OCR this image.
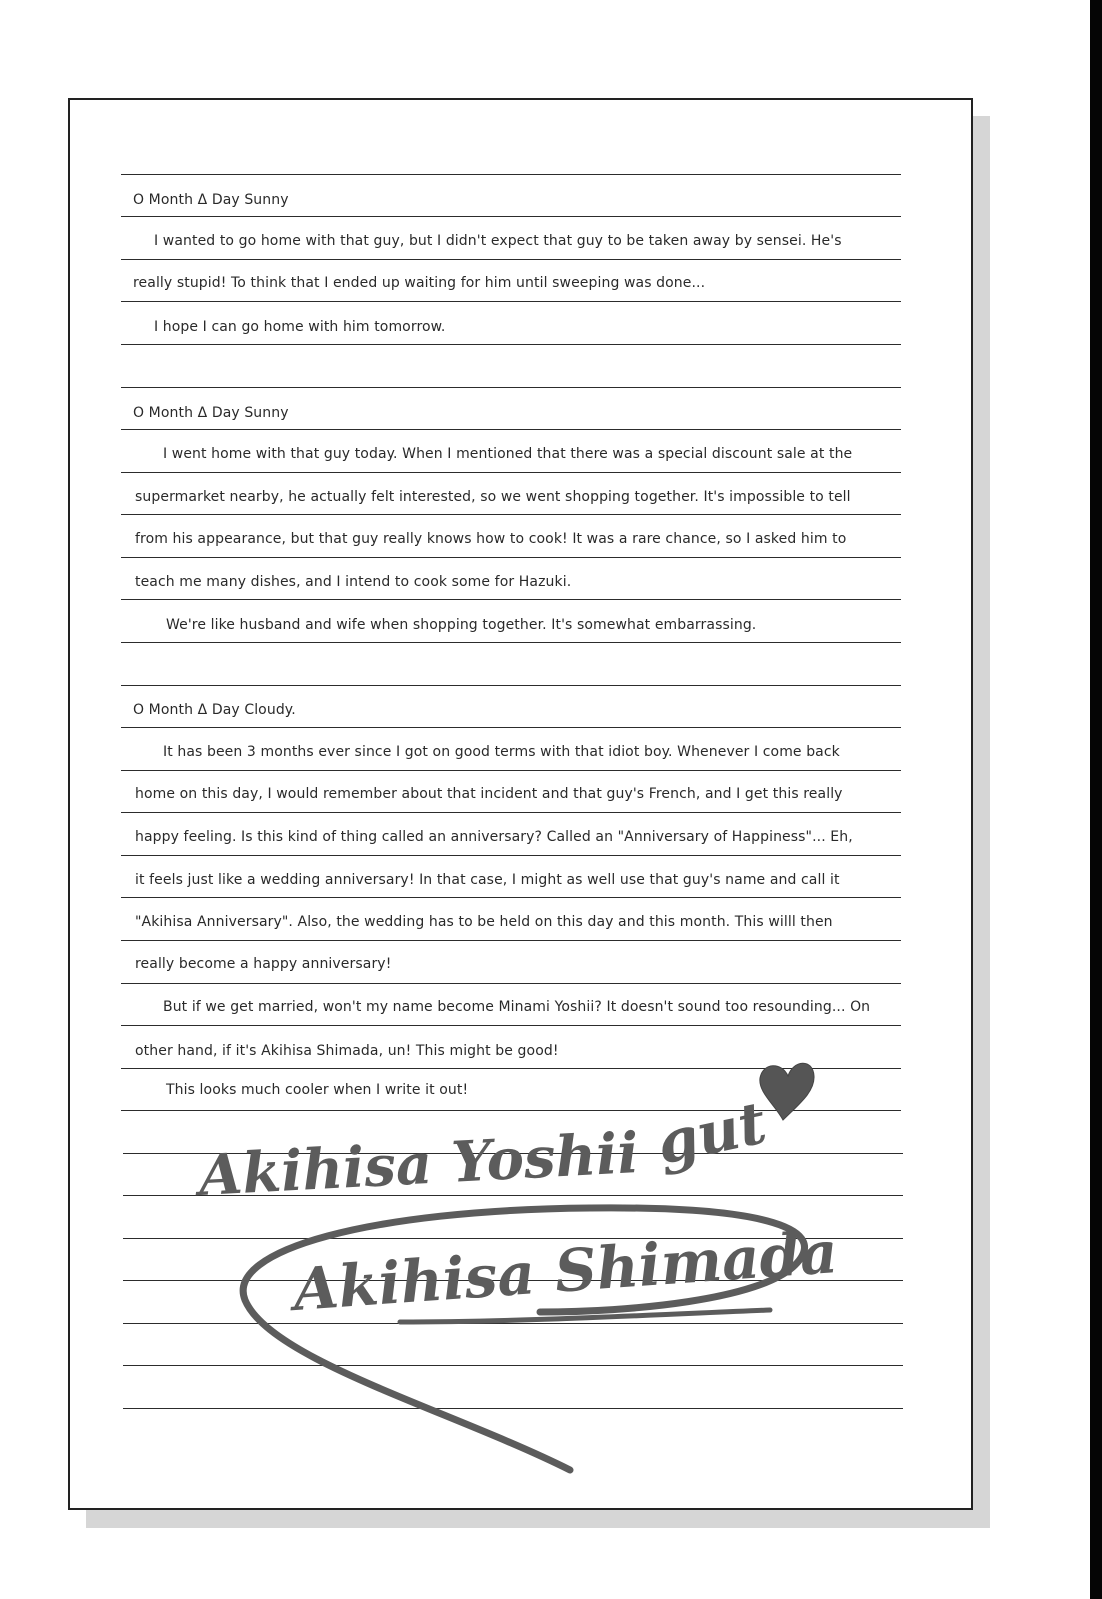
O Month Δ Day Sunny
I wanted to go home with that guy, but I didn't expect that guy to be taken away by sensei. He's
really stupid! To think that I ended up waiting for him until sweeping was done...
I hope I can go home with him tomorrow.
O Month Δ Day Sunny
I went home with that guy today. When I mentioned that there was a special discount sale at the
supermarket nearby, he actually felt interested, so we went shopping together. It's impossible to tell
from his appearance, but that guy really knows how to cook! It was a rare chance, so I asked him to
teach me many dishes, and I intend to cook some for Hazuki.
We're like husband and wife when shopping together. It's somewhat embarrassing.
O Month Δ Day Cloudy.
It has been 3 months ever since I got on good terms with that idiot boy. Whenever I come back
home on this day, I would remember about that incident and that guy's French, and I get this really
happy feeling. Is this kind of thing called an anniversary? Called an "Anniversary of Happiness"... Eh,
it feels just like a wedding anniversary! In that case, I might as well use that guy's name and call it
"Akihisa Anniversary". Also, the wedding has to be held on this day and this month. This willl then
really become a happy anniversary!
But if we get married, won't my name become Minami Yoshii? It doesn't sound too resounding... On
other hand, if it's Akihisa Shimada, un! This might be good!
This looks much cooler when I write it out!
Akihisa Yoshii gut
Akihisa Shimada
